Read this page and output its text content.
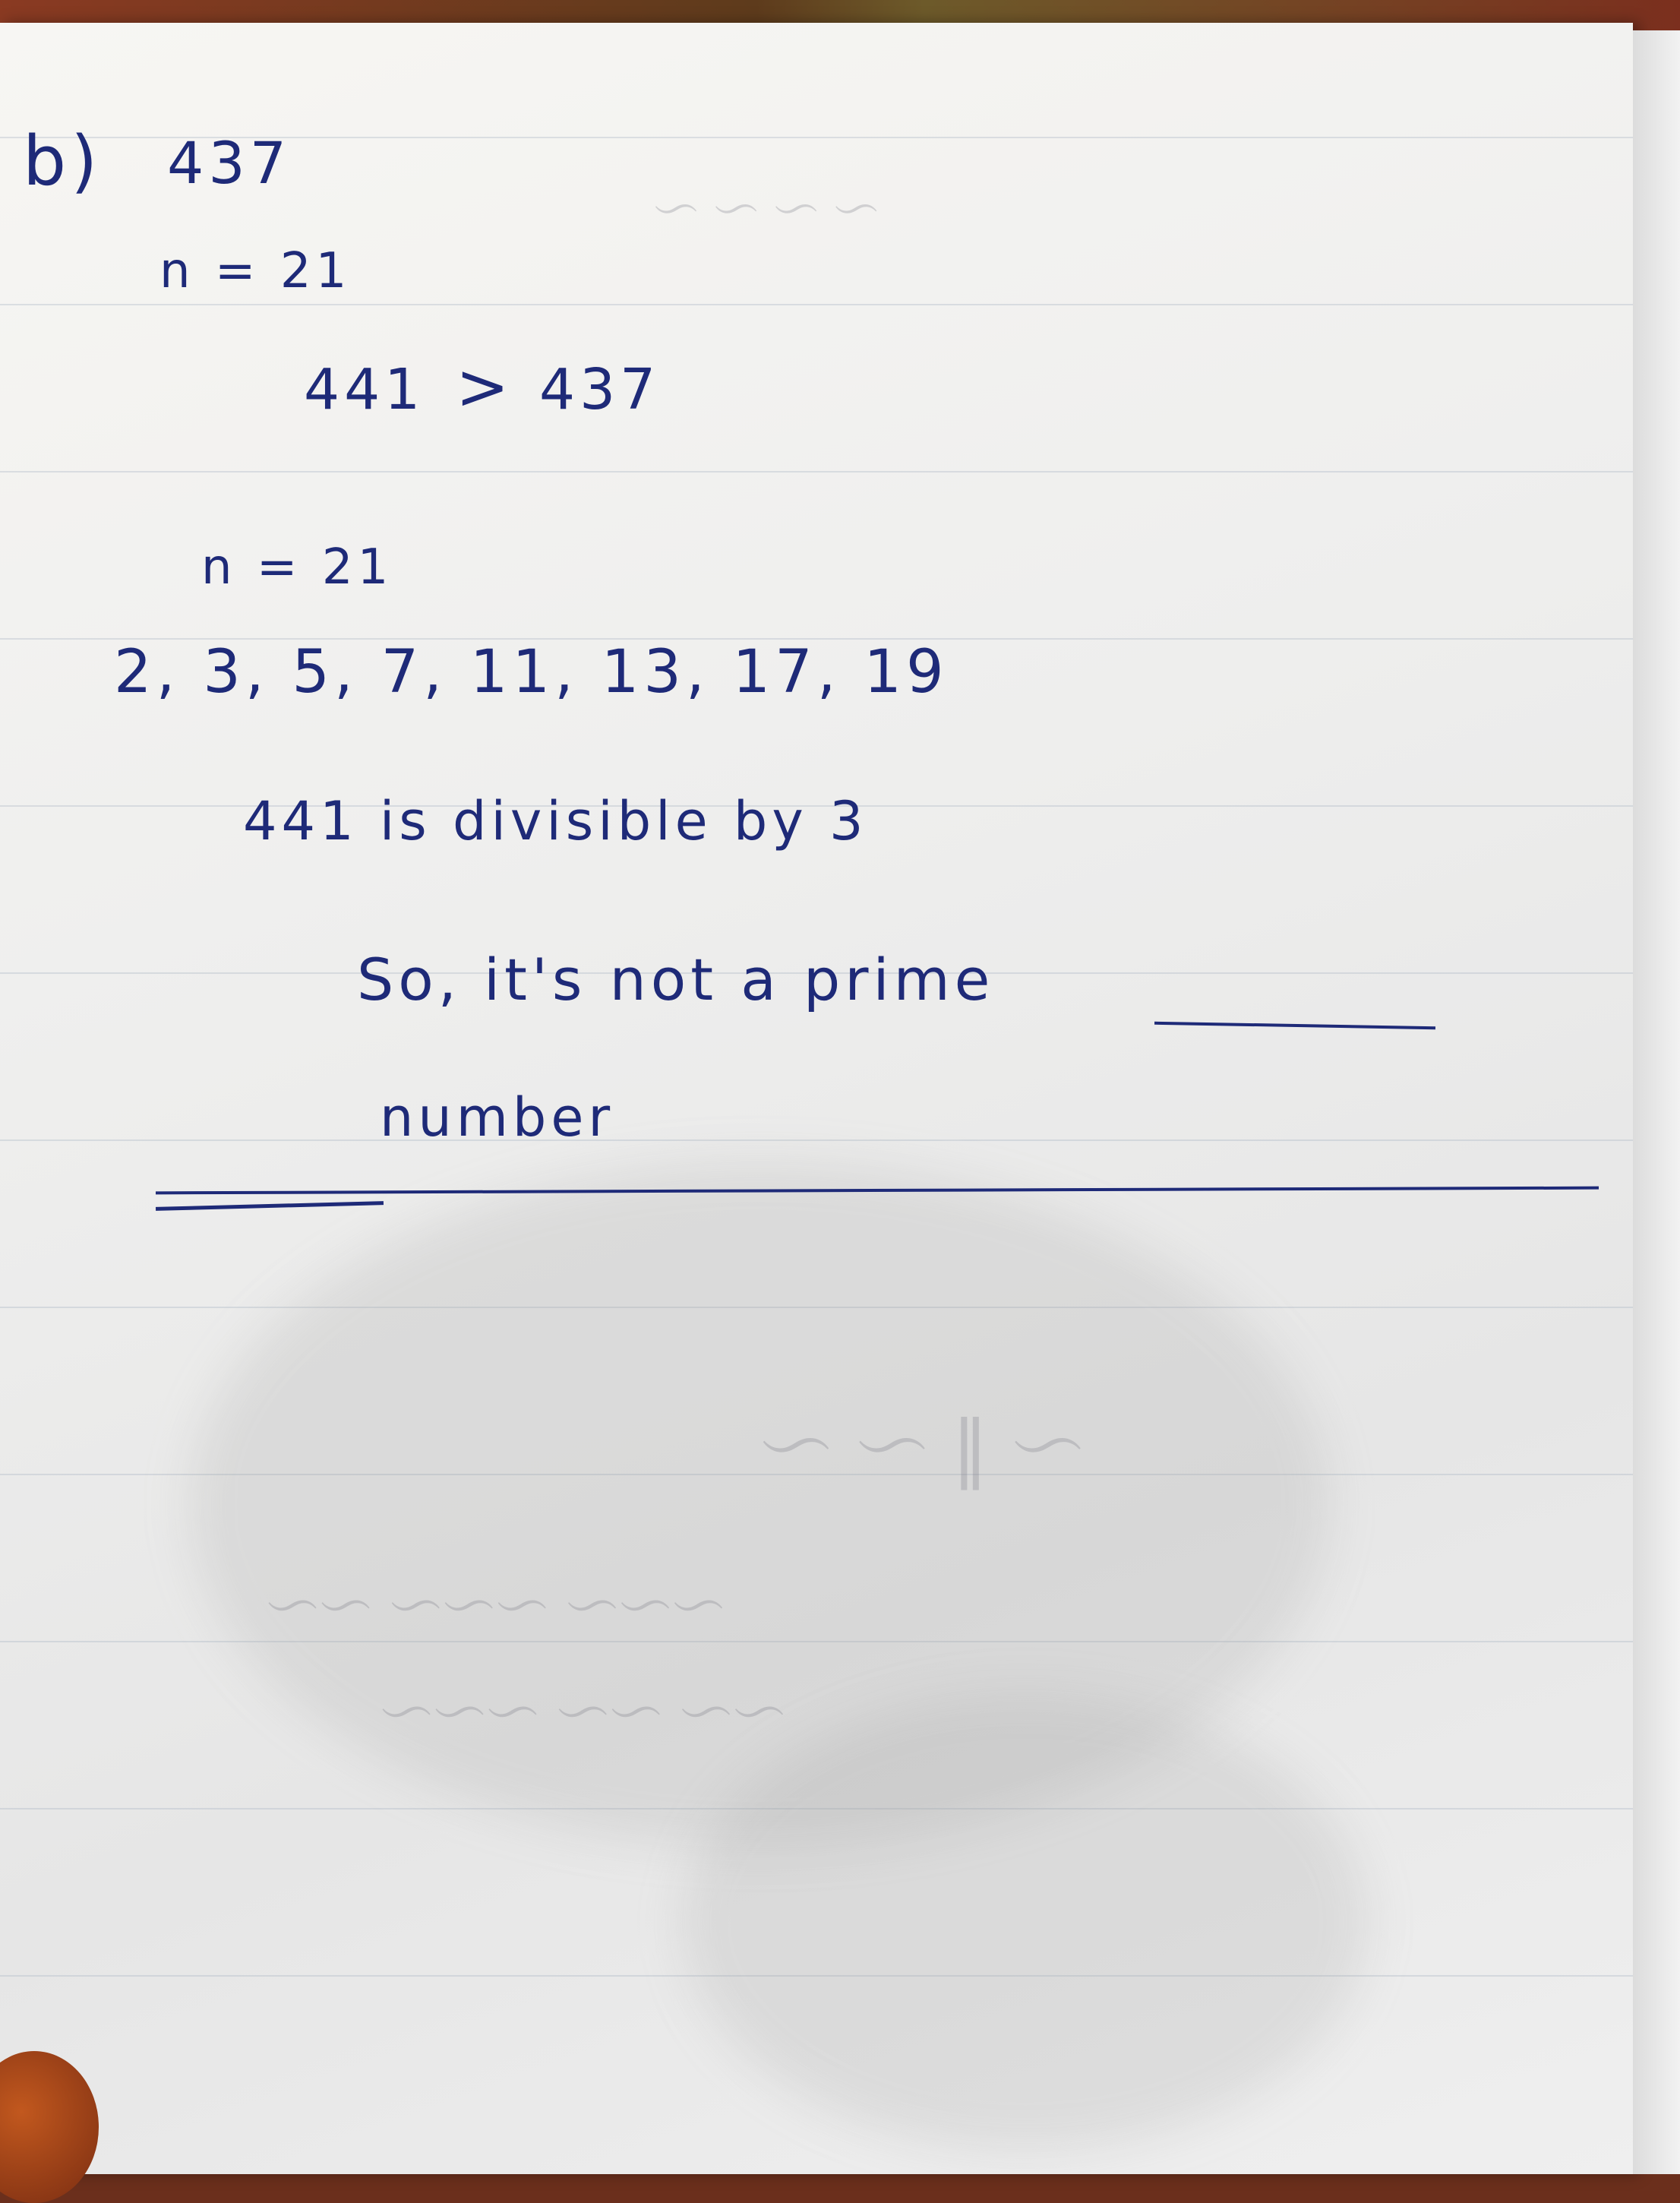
〜 〜 〜 〜
〜 ‖ 〜 〜
〜〜〜 〜〜〜 〜〜
〜〜 〜〜 〜〜〜
b) 437
n = 21
441 > 437
n = 21
2, 3, 5, 7, 11, 13, 17, 19
441 is divisible by 3
So, it's not a prime
number
